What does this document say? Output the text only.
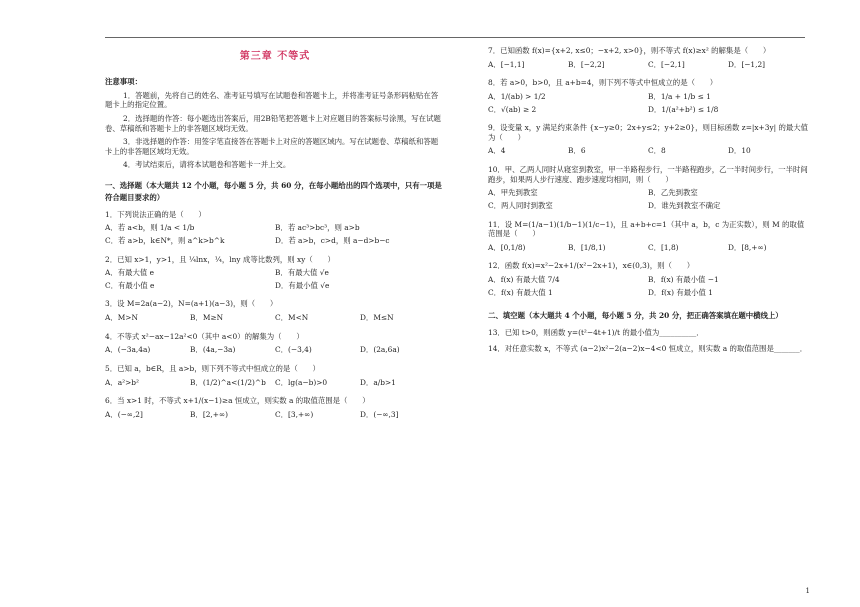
第三章 不等式
注意事项：
1．答题前，先将自己的姓名、准考证号填写在试题卷和答题卡上，并将准考证号条形码粘贴在答题卡上的指定位置。
2．选择题的作答：每小题选出答案后，用2B铅笔把答题卡上对应题目的答案标号涂黑，写在试题卷、草稿纸和答题卡上的非答题区域均无效。
3．非选择题的作答：用签字笔直接答在答题卡上对应的答题区域内。写在试题卷、草稿纸和答题卡上的非答题区域均无效。
4．考试结束后，请将本试题卷和答题卡一并上交。
一、选择题（本大题共 12 个小题，每小题 5 分，共 60 分，在每小题给出的四个选项中，只有一项是符合题目要求的）
1．下列说法正确的是（　　）
A．若 a<b，则 1/a < 1/b	B．若 ac³>bc³，则 a>b
C．若 a>b，k∈N*，则 a^k>b^k	D．若 a>b，c>d，则 a−d>b−c
2．已知 x>1，y>1，且 ¼lnx，¼，lny 成等比数列，则 xy（　　）
A．有最大值 e	B．有最大值 √e
C．有最小值 e	D．有最小值 √e
3．设 M=2a(a−2)，N=(a+1)(a−3)，则（　　）
A．M>N	B．M≥N	C．M<N	D．M≤N
4．不等式 x²−ax−12a²<0（其中 a<0）的解集为（　　）
A．(−3a,4a)	B．(4a,−3a)	C．(−3,4)	D．(2a,6a)
5．已知 a，b∈R，且 a>b，则下列不等式中恒成立的是（　　）
A．a²>b²	B．(1/2)^a<(1/2)^b	C．lg(a−b)>0	D．a/b>1
6．当 x>1 时，不等式 x+1/(x−1)≥a 恒成立，则实数 a 的取值范围是（　　）
A．(−∞,2]	B．[2,+∞)	C．[3,+∞)	D．(−∞,3]
7．已知函数 f(x)={x+2, x≤0；−x+2, x>0}，则不等式 f(x)≥x² 的解集是（　　）
A．[−1,1]	B．[−2,2]	C．[−2,1]	D．[−1,2]
8．若 a>0，b>0，且 a+b=4，则下列不等式中恒成立的是（　　）
A．1/(ab) > 1/2	B．1/a + 1/b ≤ 1
C．√(ab) ≥ 2	D．1/(a²+b²) ≤ 1/8
9．设变量 x，y 满足约束条件 {x−y≥0；2x+y≤2；y+2≥0}，则目标函数 z=|x+3y| 的最大值为（　　）
A．4	B．6	C．8	D．10
10．甲、乙两人同时从寝室到教室，甲一半路程步行，一半路程跑步，乙一半时间步行，一半时间跑步，如果两人步行速度、跑步速度均相同，则（　　）
A．甲先到教室	B．乙先到教室
C．两人同时到教室	D．谁先到教室不确定
11．设 M=(1/a−1)(1/b−1)(1/c−1)，且 a+b+c=1（其中 a，b，c 为正实数），则 M 的取值范围是（　　）
A．[0,1/8)	B．[1/8,1)	C．[1,8)	D．[8,+∞)
12．函数 f(x)=x²−2x+1/(x²−2x+1)，x∈(0,3)，则（　　）
A．f(x) 有最大值 7/4	B．f(x) 有最小值 −1
C．f(x) 有最大值 1	D．f(x) 有最小值 1
二、填空题（本大题共 4 个小题，每小题 5 分，共 20 分，把正确答案填在题中横线上）
13．已知 t>0，则函数 y=(t²−4t+1)/t 的最小值为__________．
14．对任意实数 x，不等式 (a−2)x²−2(a−2)x−4<0 恒成立，则实数 a 的取值范围是_______．
1
